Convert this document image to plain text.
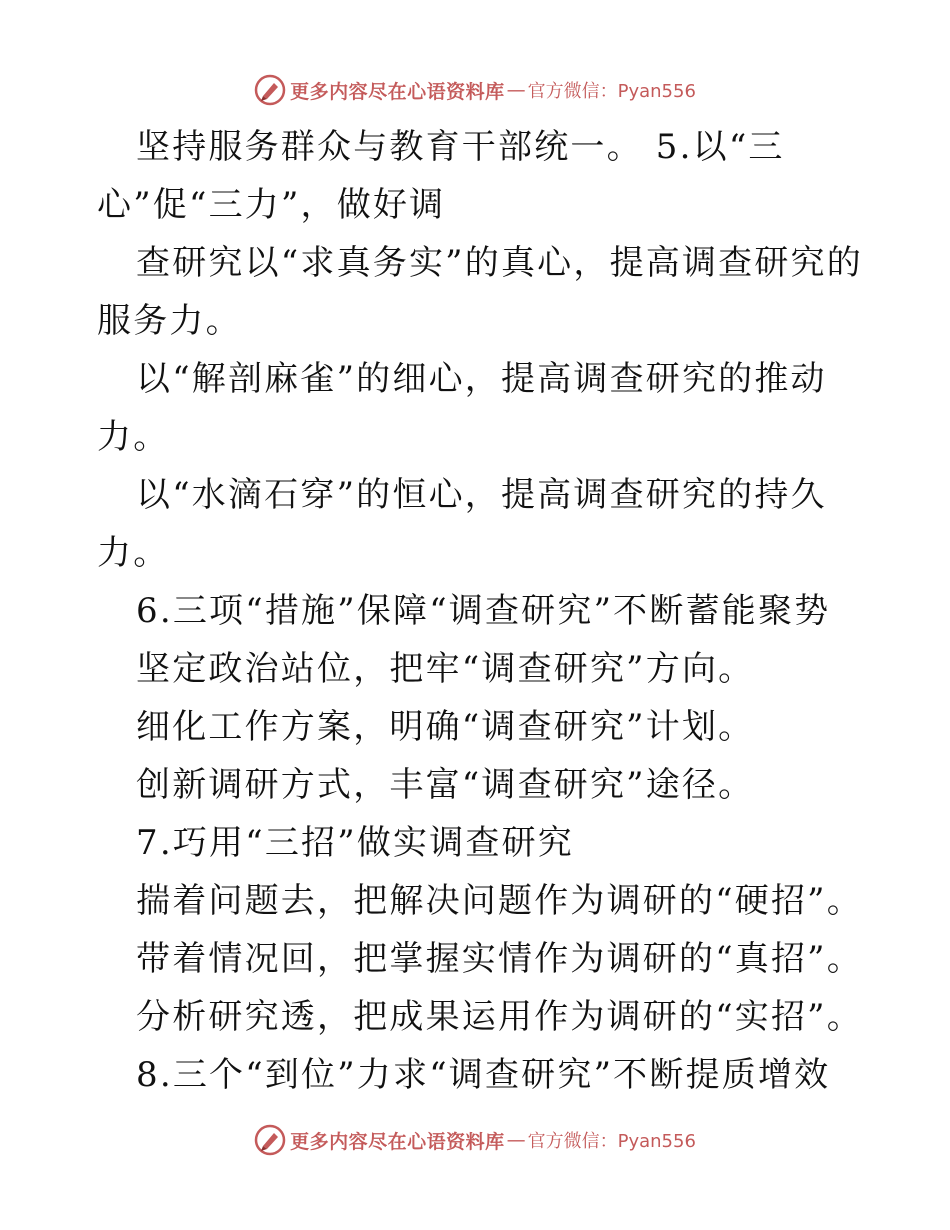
更多内容尽在心语资料库 — 官方微信：Pyan556
坚持服务群众与教育干部统一。 5.以“三
心”促“三力”，做好调
查研究以“求真务实”的真心，提高调查研究的
服务力。
以“解剖麻雀”的细心，提高调查研究的推动
力。
以“水滴石穿”的恒心，提高调查研究的持久
力。
6.三项“措施”保障“调查研究”不断蓄能聚势
坚定政治站位，把牢“调查研究”方向。
细化工作方案，明确“调查研究”计划。
创新调研方式，丰富“调查研究”途径。
7.巧用“三招”做实调查研究
揣着问题去，把解决问题作为调研的“硬招”。
带着情况回，把掌握实情作为调研的“真招”。
分析研究透，把成果运用作为调研的“实招”。
8.三个“到位”力求“调查研究”不断提质增效
更多内容尽在心语资料库 — 官方微信：Pyan556
